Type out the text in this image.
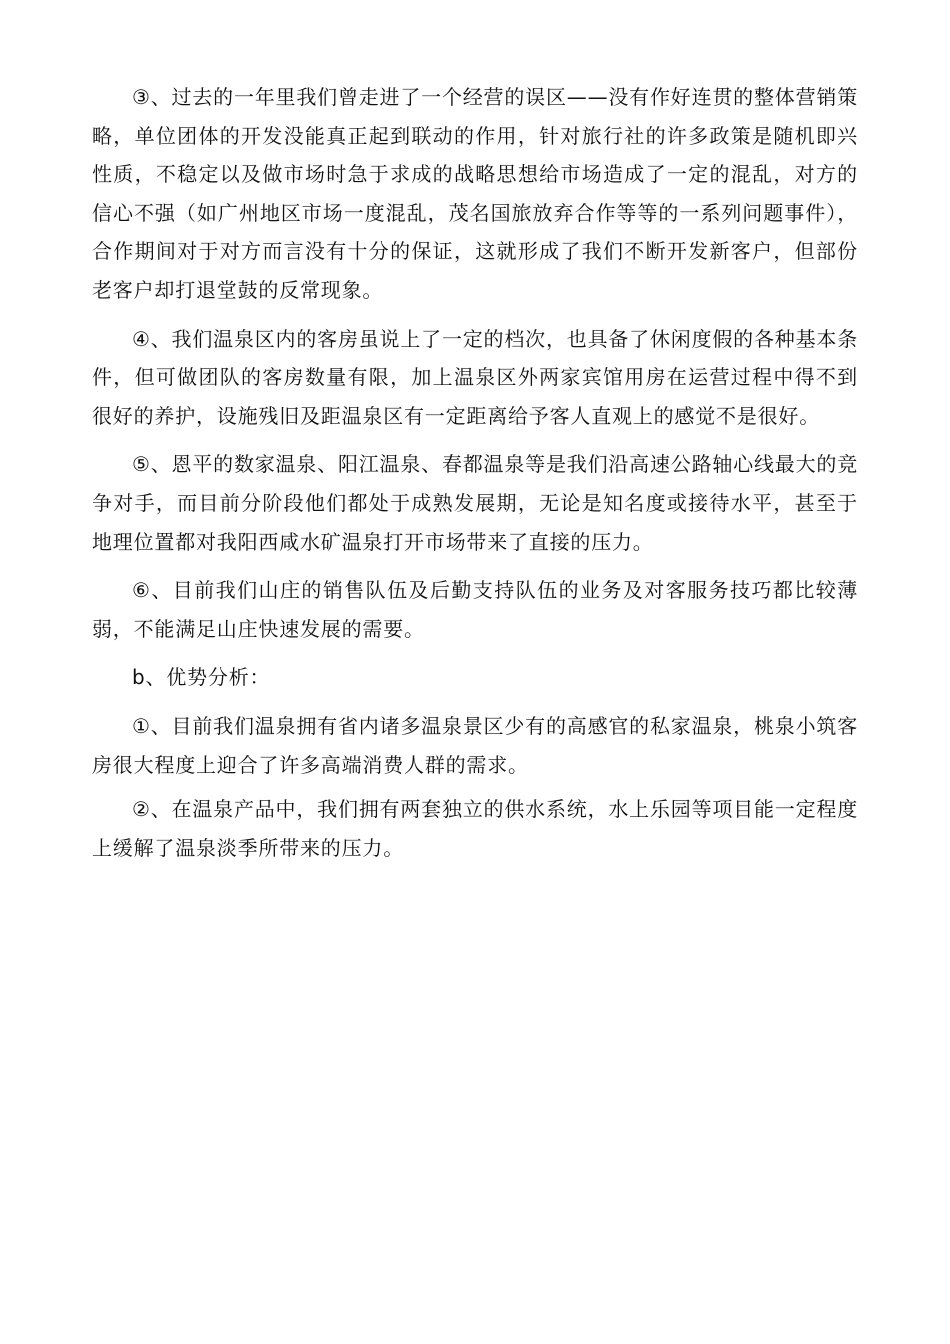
③、过去的一年里我们曾走进了一个经营的误区——没有作好连贯的整体营销策略，单位团体的开发没能真正起到联动的作用，针对旅行社的许多政策是随机即兴性质，不稳定以及做市场时急于求成的战略思想给市场造成了一定的混乱，对方的信心不强（如广州地区市场一度混乱，茂名国旅放弃合作等等的一系列问题事件），合作期间对于对方而言没有十分的保证，这就形成了我们不断开发新客户，但部份老客户却打退堂鼓的反常现象。

④、我们温泉区内的客房虽说上了一定的档次，也具备了休闲度假的各种基本条件，但可做团队的客房数量有限，加上温泉区外两家宾馆用房在运营过程中得不到很好的养护，设施残旧及距温泉区有一定距离给予客人直观上的感觉不是很好。

⑤、恩平的数家温泉、阳江温泉、春都温泉等是我们沿高速公路轴心线最大的竞争对手，而目前分阶段他们都处于成熟发展期，无论是知名度或接待水平，甚至于地理位置都对我阳西咸水矿温泉打开市场带来了直接的压力。

⑥、目前我们山庄的销售队伍及后勤支持队伍的业务及对客服务技巧都比较薄弱，不能满足山庄快速发展的需要。

b、优势分析：

①、目前我们温泉拥有省内诸多温泉景区少有的高感官的私家温泉，桃泉小筑客房很大程度上迎合了许多高端消费人群的需求。

②、在温泉产品中，我们拥有两套独立的供水系统，水上乐园等项目能一定程度上缓解了温泉淡季所带来的压力。
